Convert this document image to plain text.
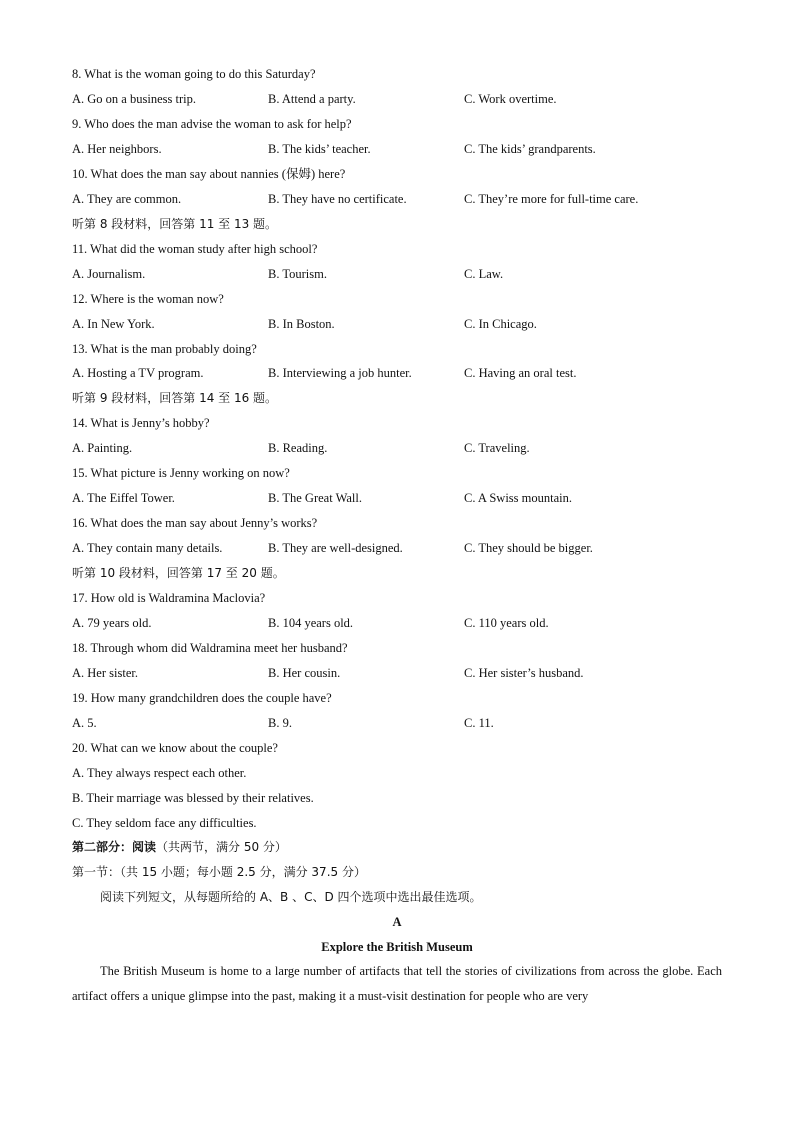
8. What is the woman going to do this Saturday?
A. Go on a business trip.	B. Attend a party.	C. Work overtime.
9. Who does the man advise the woman to ask for help?
A. Her neighbors.	B. The kids’ teacher.	C. The kids’ grandparents.
10. What does the man say about nannies (保姆) here?
A. They are common.	B. They have no certificate.	C. They’re more for full-time care.
听第 8 段材料，回答第 11 至 13 题。
11. What did the woman study after high school?
A. Journalism.	B. Tourism.	C. Law.
12. Where is the woman now?
A. In New York.	B. In Boston.	C. In Chicago.
13. What is the man probably doing?
A. Hosting a TV program.	B. Interviewing a job hunter.	C. Having an oral test.
听第 9 段材料，回答第 14 至 16 题。
14. What is Jenny’s hobby?
A. Painting.	B. Reading.	C. Traveling.
15. What picture is Jenny working on now?
A. The Eiffel Tower.	B. The Great Wall.	C. A Swiss mountain.
16. What does the man say about Jenny’s works?
A. They contain many details.	B. They are well-designed.	C. They should be bigger.
听第 10 段材料，回答第 17 至 20 题。
17. How old is Waldramina Maclovia?
A. 79 years old.	B. 104 years old.	C. 110 years old.
18. Through whom did Waldramina meet her husband?
A. Her sister.	B. Her cousin.	C. Her sister’s husband.
19. How many grandchildren does the couple have?
A. 5.	B. 9.	C. 11.
20. What can we know about the couple?
A. They always respect each other.
B. Their marriage was blessed by their relatives.
C. They seldom face any difficulties.
第二部分：阅读（共两节，满分 50 分）
第一节：（共 15 小题；每小题 2.5 分，满分 37.5 分）
阅读下列短文，从每题所给的 A、B 、C、D 四个选项中选出最佳选项。
A
Explore the British Museum
The British Museum is home to a large number of artifacts that tell the stories of civilizations from across the globe. Each artifact offers a unique glimpse into the past, making it a must-visit destination for people who are very
